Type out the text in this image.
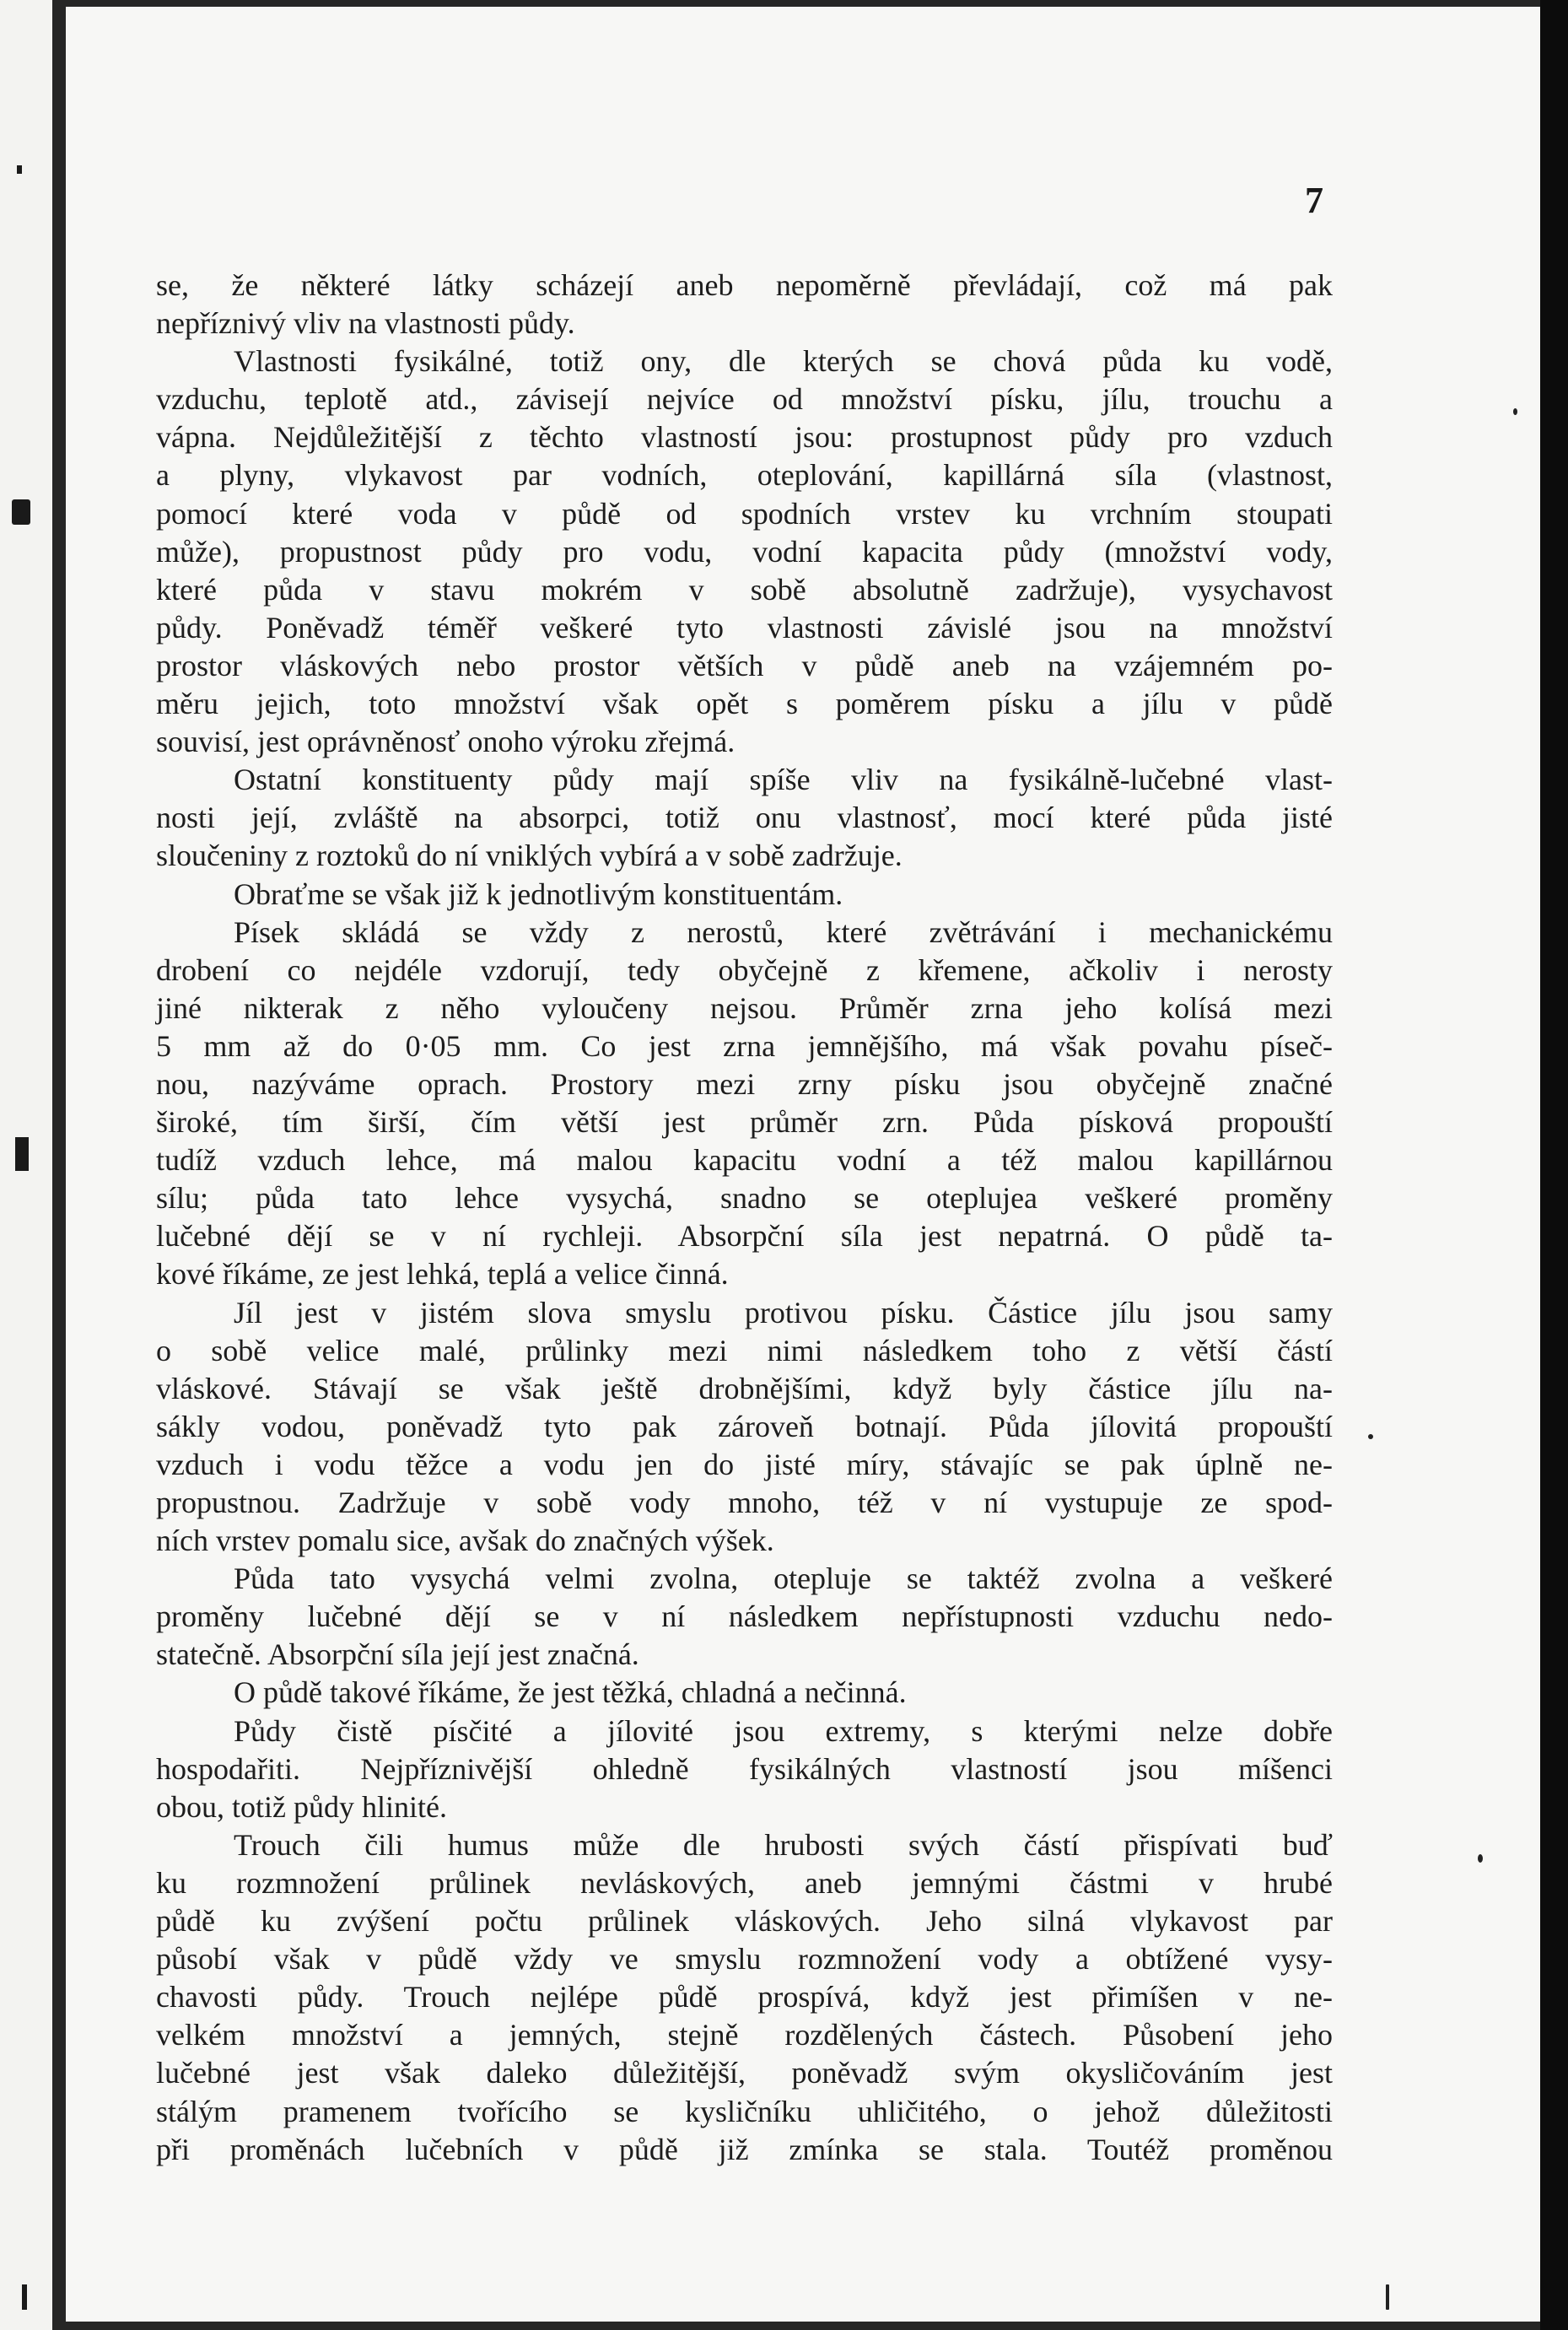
7
se, že některé látky scházejí aneb nepoměrně převládají, což má pak
nepříznivý vliv na vlastnosti půdy.
Vlastnosti fysikálné, totiž ony, dle kterých se chová půda ku vodě,
vzduchu, teplotě atd., závisejí nejvíce od množství písku, jílu, trouchu a
vápna. Nejdůležitější z těchto vlastností jsou: prostupnost půdy pro vzduch
a plyny, vlykavost par vodních, oteplování, kapillárná síla (vlastnost,
pomocí které voda v půdě od spodních vrstev ku vrchním stoupati
může), propustnost půdy pro vodu, vodní kapacita půdy (množství vody,
které půda v stavu mokrém v sobě absolutně zadržuje), vysychavost
půdy. Poněvadž téměř veškeré tyto vlastnosti závislé jsou na množství
prostor vláskových nebo prostor větších v půdě aneb na vzájemném po-
měru jejich, toto množství však opět s poměrem písku a jílu v půdě
souvisí, jest oprávněnosť onoho výroku zřejmá.
Ostatní konstituenty půdy mají spíše vliv na fysikálně-lučebné vlast-
nosti její, zvláště na absorpci, totiž onu vlastnosť, mocí které půda jisté
sloučeniny z roztoků do ní vniklých vybírá a v sobě zadržuje.
Obraťme se však již k jednotlivým konstituentám.
Písek skládá se vždy z nerostů, které zvětrávání i mechanickému
drobení co nejdéle vzdorují, tedy obyčejně z křemene, ačkoliv i nerosty
jiné nikterak z něho vyloučeny nejsou. Průměr zrna jeho kolísá mezi
5 mm až do 0·05 mm. Co jest zrna jemnějšího, má však povahu píseč-
nou, nazýváme oprach. Prostory mezi zrny písku jsou obyčejně značné
široké, tím širší, čím větší jest průměr zrn. Půda písková propouští
tudíž vzduch lehce, má malou kapacitu vodní a též malou kapillárnou
sílu; půda tato lehce vysychá, snadno se oteplujea veškeré proměny
lučebné dějí se v ní rychleji. Absorpční síla jest nepatrná. O půdě ta-
kové říkáme, ze jest lehká, teplá a velice činná.
Jíl jest v jistém slova smyslu protivou písku. Částice jílu jsou samy
o sobě velice malé, průlinky mezi nimi následkem toho z větší částí
vláskové. Stávají se však ještě drobnějšími, když byly částice jílu na-
sákly vodou, poněvadž tyto pak zároveň botnají. Půda jílovitá propouští
vzduch i vodu těžce a vodu jen do jisté míry, stávajíc se pak úplně ne-
propustnou. Zadržuje v sobě vody mnoho, též v ní vystupuje ze spod-
ních vrstev pomalu sice, avšak do značných výšek.
Půda tato vysychá velmi zvolna, otepluje se taktéž zvolna a veškeré
proměny lučebné dějí se v ní následkem nepřístupnosti vzduchu nedo-
statečně. Absorpční síla její jest značná.
O půdě takové říkáme, že jest těžká, chladná a nečinná.
Půdy čistě písčité a jílovité jsou extremy, s kterými nelze dobře
hospodařiti. Nejpříznivější ohledně fysikálných vlastností jsou míšenci
obou, totiž půdy hlinité.
Trouch čili humus může dle hrubosti svých částí přispívati buď
ku rozmnožení průlinek nevláskových, aneb jemnými částmi v hrubé
půdě ku zvýšení počtu průlinek vláskových. Jeho silná vlykavost par
působí však v půdě vždy ve smyslu rozmnožení vody a obtížené vysy-
chavosti půdy. Trouch nejlépe půdě prospívá, když jest přimíšen v ne-
velkém množství a jemných, stejně rozdělených částech. Působení jeho
lučebné jest však daleko důležitější, poněvadž svým okysličováním jest
stálým pramenem tvořícího se kysličníku uhličitého, o jehož důležitosti
při proměnách lučebních v půdě již zmínka se stala. Toutéž proměnou
